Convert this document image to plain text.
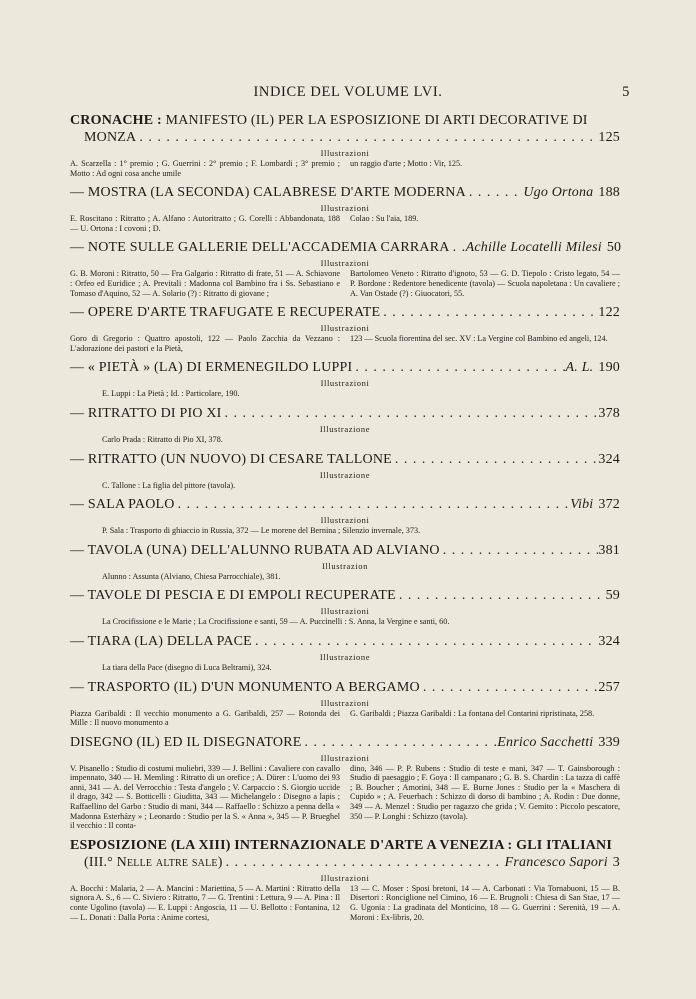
INDICE DEL VOLUME LVI.	5
CRONACHE : MANIFESTO (IL) PER LA ESPOSIZIONE DI ARTI DECORATIVE DI
MONZA . . .	125
Illustrazioni
A. Scarzella : 1° premio ; G. Guerrini : 2° premio ; F. Lombardi ; 3° premio ; Motto : Ad ogni cosa anche umile
un raggio d'arte ; Motto : Vir, 125.
— MOSTRA (LA SECONDA) CALABRESE D'ARTE MODERNA . . .	Ugo Ortona 188
Illustrazioni
E. Roscitano : Ritratto ; A. Alfano : Autoritratto ; G. Corelli : Abbandonata, 188 — U. Ortona : I covoni ; D.
Colao : Su l'aia, 189.
— NOTE SULLE GALLERIE DELL'ACCADEMIA CARRARA . . . Achille Locatelli Milesi 50
Illustrazioni
G. B. Moroni : Ritratto, 50 — Fra Galgario : Ritratto di frate, 51 — A. Schiavone : Orfeo ed Euridice ; A. Previtali : Madonna col Bambino fra i Ss. Sebastiano e Tomaso d'Aquino, 52 — A. Solario (?) : Ritratto di giovane ;
Bartolomeo Veneto : Ritratto d'ignoto, 53 — G. D. Tiepolo : Cristo legato, 54 — P. Bordone : Redentore benedicente (tavola) — Scuola napoletana : Un cavaliere ; A. Van Ostade (?) : Giuocatori, 55.
— OPERE D'ARTE TRAFUGATE E RECUPERATE . . .	122
Illustrazioni
Goro di Gregorio : Quattro apostoli, 122 — Paolo Zacchia da Vezzano : L'adorazione dei pastori e la Pietà,
123 — Scuola fiorentina del sec. XV : La Vergine col Bambino ed angeli, 124.
— « PIETÀ » (LA) DI ERMENEGILDO LUPPI . . .	A. L. 190
Illustrazioni
E. Luppi : La Pietà ; Id. : Particolare, 190.
— RITRATTO DI PIO XI . . .	378
Illustrazione
Carlo Prada : Ritratto di Pio XI, 378.
— RITRATTO (UN NUOVO) DI CESARE TALLONE . . .	324
Illustrazione
C. Tallone : La figlia del pittore (tavola).
— SALA PAOLO . . .	Vibi 372
Illustrazioni
P. Sala : Trasporto di ghiaccio in Russia, 372 — Le morene del Bernina ; Silenzio invernale, 373.
— TAVOLA (UNA) DELL'ALUNNO RUBATA AD ALVIANO . . .	381
Illustrazion
Alunno : Assunta (Alviano, Chiesa Parrocchiale), 381.
— TAVOLE DI PESCIA E DI EMPOLI RECUPERATE . . .	59
Illustrazioni
La Crocifissione e le Marie ; La Crocifissione e santi, 59 — A. Puccinelli : S. Anna, la Vergine e santi, 60.
— TIARA (LA) DELLA PACE . . .	324
Illustrazione
La tiara della Pace (disegno di Luca Beltrami), 324.
— TRASPORTO (IL) D'UN MONUMENTO A BERGAMO . . .	257
Illustrazioni
Piazza Garibaldi : Il vecchio monumento a G. Garibaldi, 257 — Rotonda dei Mille : Il nuovo monumento a
G. Garibaldi ; Piazza Garibaldi : La fontana del Contarini ripristinata, 258.
DISEGNO (IL) ED IL DISEGNATORE . . .	Enrico Sacchetti 339
Illustrazioni
V. Pisanello : Studio di costumi muliebri, 339 — J. Bellini : Cavaliere con cavallo impennato, 340 — H. Memling : Ritratto di un orefice ; A. Dürer : L'uomo dei 93 anni, 341 — A. del Verrocchio : Testa d'angelo ; V. Carpaccio : S. Giorgio uccide il drago, 342 — S. Botticelli : Giuditta, 343 — Michelangelo : Disegno a lapis ; Raffaellino del Garbo : Studio di mani, 344 — Raffaello : Schizzo a penna della « Madonna Esterházy » ; Leonardo : Studio per la S. « Anna », 345 — P. Brueghel il vecchio : Il conta-
dino, 346 — P. P. Rubens : Studio di teste e mani, 347 — T. Gainsborough : Studio di paesaggio ; F. Goya : Il campanaro ; G. B. S. Chardin : La tazza di caffè ; B. Boucher ; Amorini, 348 — E. Burne Jones : Studio per la « Maschera di Cupido » ; A. Feuerbach : Schizzo di dorso di bambino ; A. Rodin : Due donne, 349 — A. Menzel : Studio per ragazzo che grida ; V. Gemito : Piccolo pescatore, 350 — P. Longhi : Schizzo (tavola).
ESPOSIZIONE (LA XIII) INTERNAZIONALE D'ARTE A VENEZIA : GLI ITALIANI
(III.° Nelle altre sale) . . .	Francesco Sapori 3
Illustrazioni
A. Bocchi : Malaria, 2 — A. Mancini : Mariettina, 5 — A. Martini : Ritratto della signora A. S., 6 — C. Siviero : Ritratto, 7 — G. Trentini : Lettura, 9 — A. Pina : Il conte Ugolino (tavola) — E. Luppi : Angoscia, 11 — U. Bellotto : Fontanina, 12 — L. Donati : Dalla Porta : Anime cortesi,
13 — C. Moser : Sposi bretoni, 14 — A. Carbonati : Via Tornabuoni, 15 — B. Disertori : Ronciglione nel Cimino, 16 — E. Brugnoli : Chiesa di San Stae, 17 — G. Ugonia : La gradinata del Monticino, 18 — G. Guerrini : Serenità, 19 — A. Moroni : Ex-libris, 20.
